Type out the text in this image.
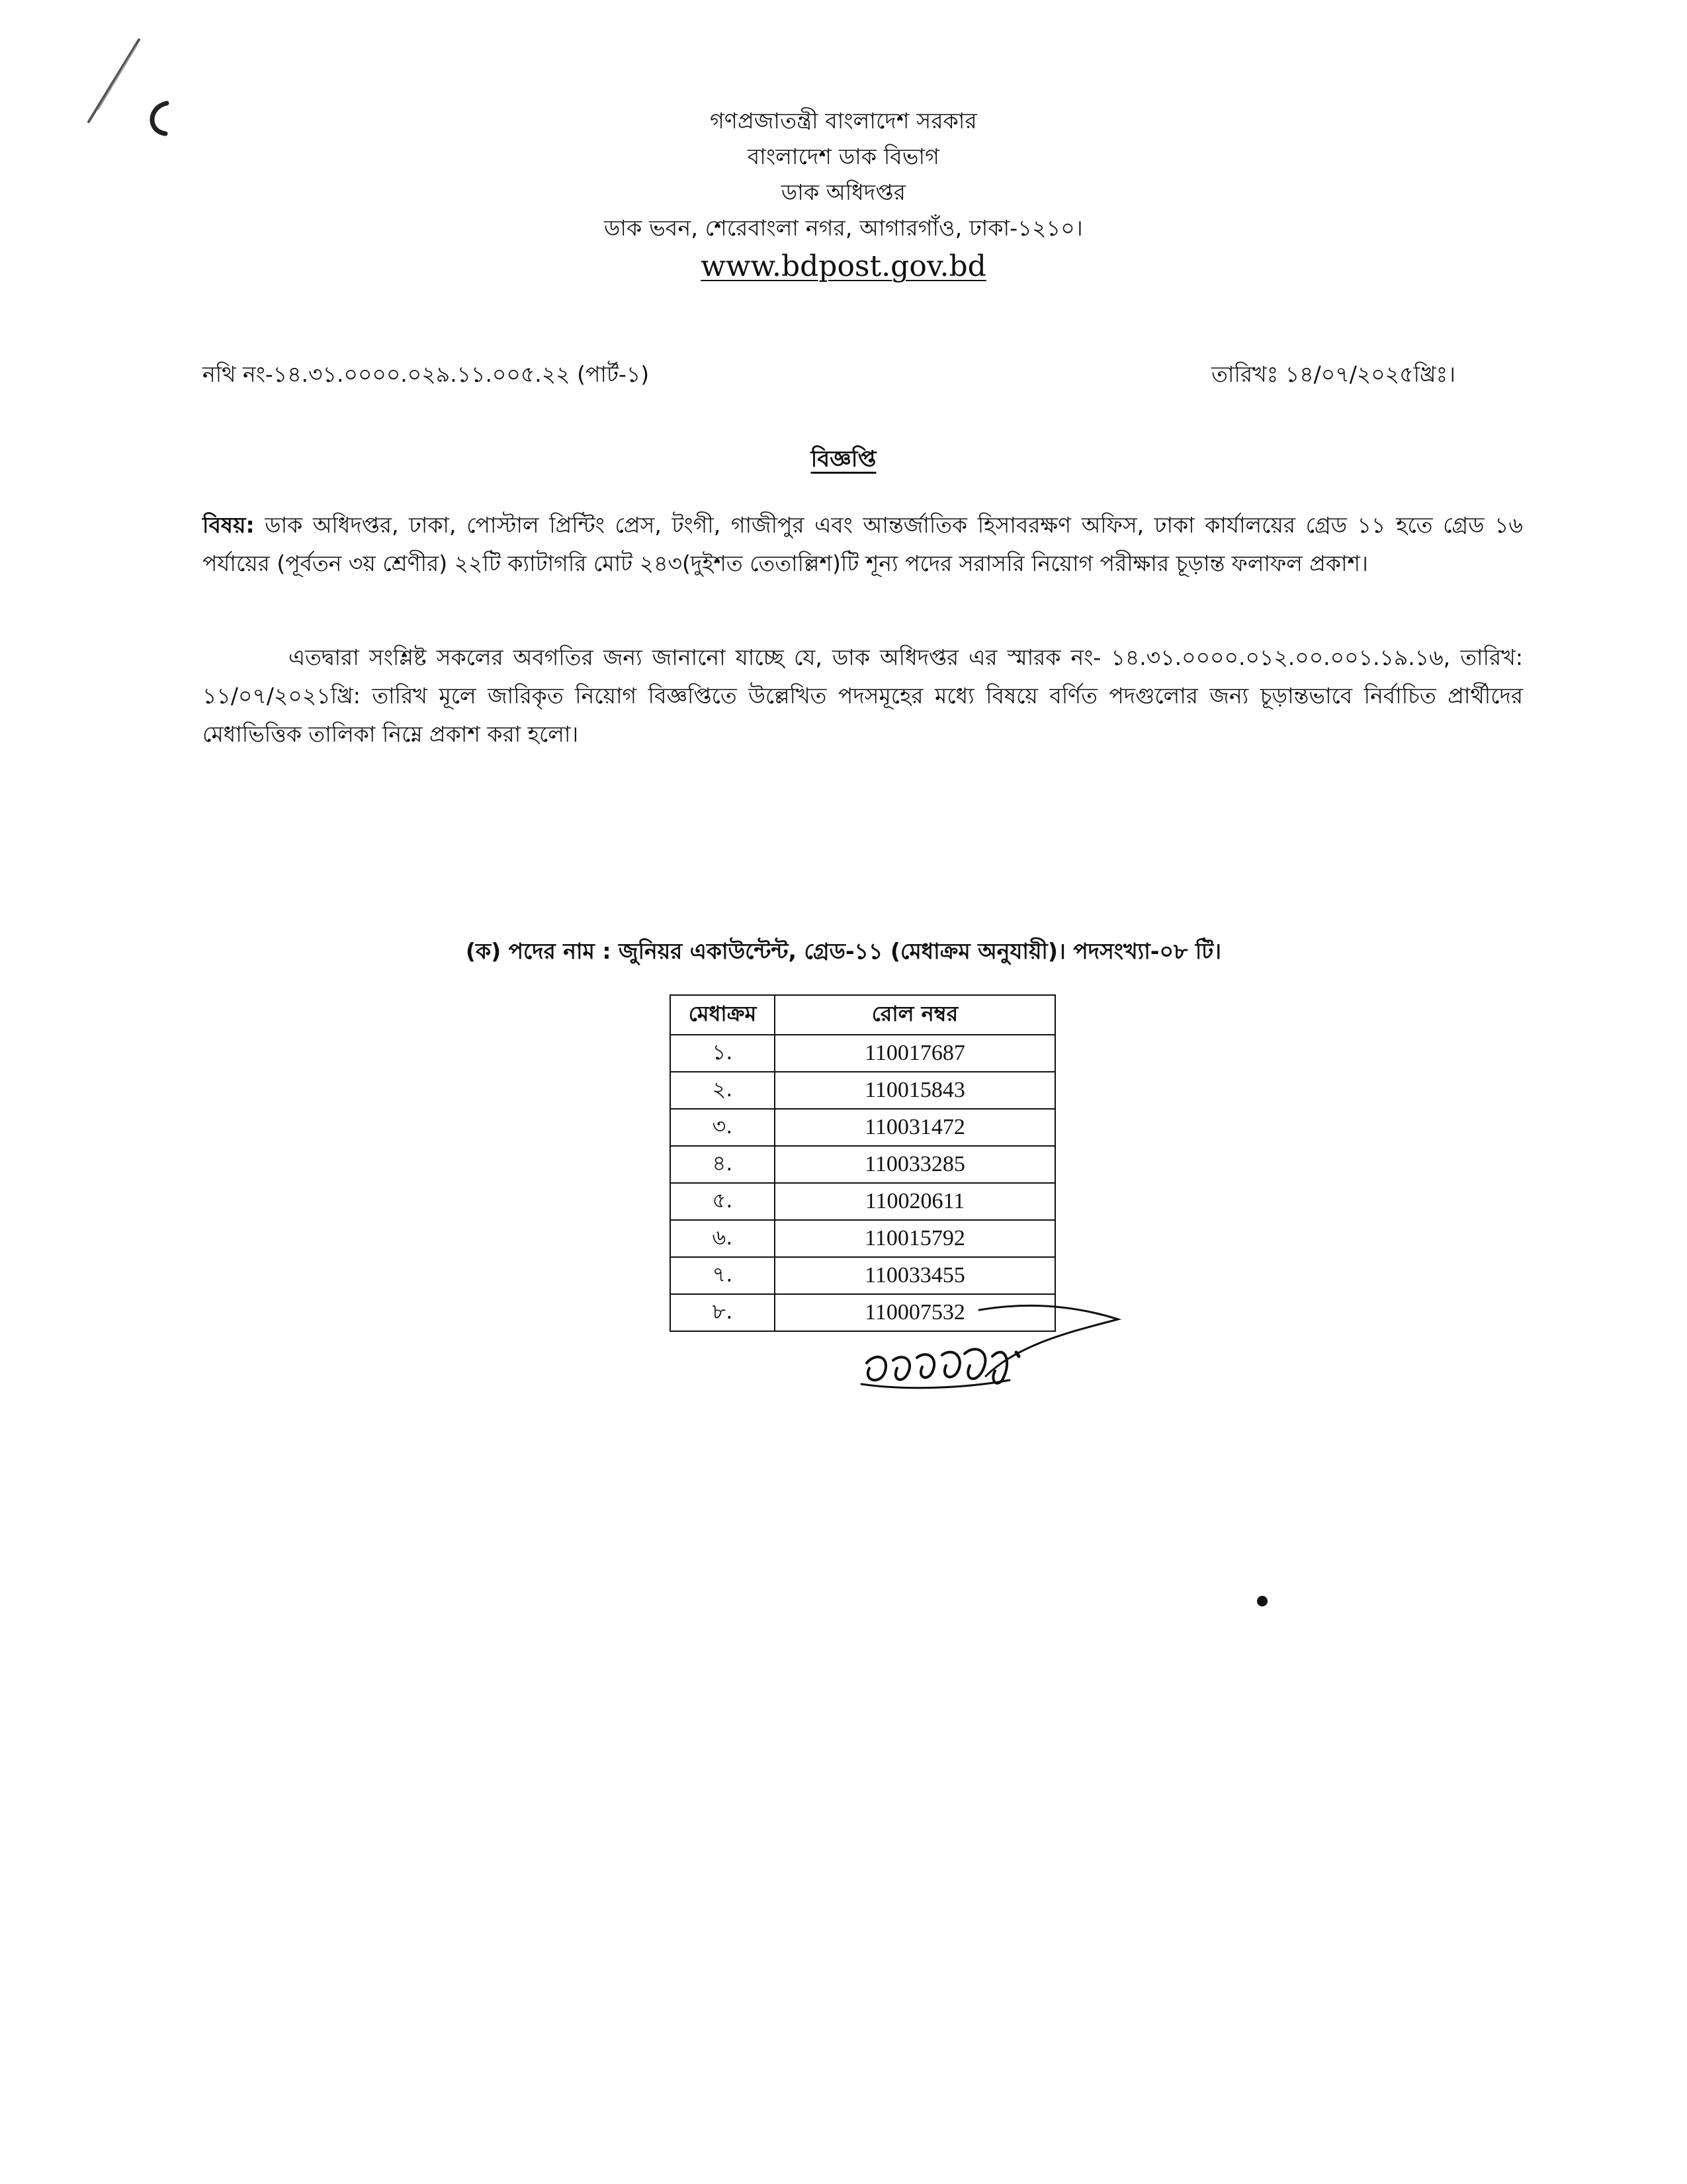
গণপ্রজাতন্ত্রী বাংলাদেশ সরকার
বাংলাদেশ ডাক বিভাগ
ডাক অধিদপ্তর
ডাক ভবন, শেরেবাংলা নগর, আগারগাঁও, ঢাকা-১২১০।
www.bdpost.gov.bd
নথি নং-১৪.৩১.০০০০.০২৯.১১.০০৫.২২ (পার্ট-১)	তারিখঃ ১৪/০৭/২০২৫খ্রিঃ।
বিজ্ঞপ্তি
বিষয়: ডাক অধিদপ্তর, ঢাকা, পোস্টাল প্রিন্টিং প্রেস, টংগী, গাজীপুর এবং আন্তর্জাতিক হিসাবরক্ষণ অফিস, ঢাকা কার্যালয়ের গ্রেড ১১ হতে গ্রেড ১৬ পর্যায়ের (পূর্বতন ৩য় শ্রেণীর) ২২টি ক্যাটাগরি মোট ২৪৩(দুইশত তেতাল্লিশ)টি শূন্য পদের সরাসরি নিয়োগ পরীক্ষার চূড়ান্ত ফলাফল প্রকাশ।
এতদ্বারা সংশ্লিষ্ট সকলের অবগতির জন্য জানানো যাচ্ছে যে, ডাক অধিদপ্তর এর স্মারক নং- ১৪.৩১.০০০০.০১২.০০.০০১.১৯.১৬, তারিখ: ১১/০৭/২০২১খ্রি: তারিখ মূলে জারিকৃত নিয়োগ বিজ্ঞপ্তিতে উল্লেখিত পদসমূহের মধ্যে বিষয়ে বর্ণিত পদগুলোর জন্য চূড়ান্তভাবে নির্বাচিত প্রার্থীদের মেধাভিত্তিক তালিকা নিম্নে প্রকাশ করা হলো।
(ক) পদের নাম : জুনিয়র একাউন্টেন্ট, গ্রেড-১১ (মেধাক্রম অনুযায়ী)। পদসংখ্যা-০৮ টি।
মেধাক্রম	রোল নম্বর
১.	110017687
২.	110015843
৩.	110031472
৪.	110033285
৫.	110020611
৬.	110015792
৭.	110033455
৮.	110007532
